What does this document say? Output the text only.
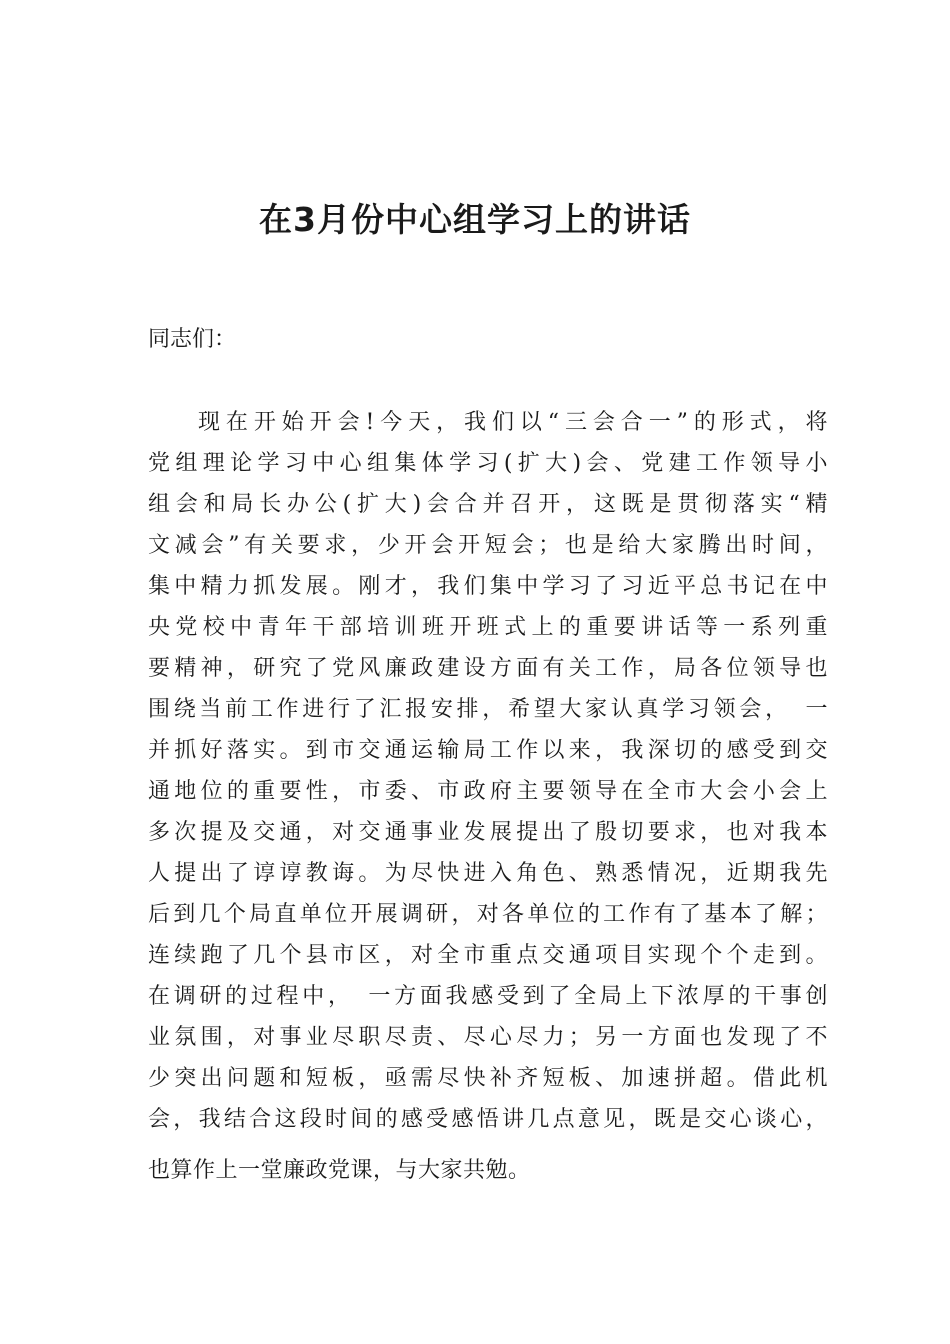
在3月份中心组学习上的讲话

同志们：

现在开始开会!今天，我们以“三会合一”的形式，将
党组理论学习中心组集体学习(扩大)会、党建工作领导小
组会和局长办公(扩大)会合并召开，这既是贯彻落实“精
文减会”有关要求，少开会开短会；也是给大家腾出时间，
集中精力抓发展。刚才，我们集中学习了习近平总书记在中
央党校中青年干部培训班开班式上的重要讲话等一系列重
要精神，研究了党风廉政建设方面有关工作，局各位领导也
围绕当前工作进行了汇报安排，希望大家认真学习领会，　一
并抓好落实。到市交通运输局工作以来，我深切的感受到交
通地位的重要性，市委、市政府主要领导在全市大会小会上
多次提及交通，对交通事业发展提出了殷切要求，也对我本
人提出了谆谆教诲。为尽快进入角色、熟悉情况，近期我先
后到几个局直单位开展调研，对各单位的工作有了基本了解；
连续跑了几个县市区，对全市重点交通项目实现个个走到。
在调研的过程中，　一方面我感受到了全局上下浓厚的干事创
业氛围，对事业尽职尽责、尽心尽力；另一方面也发现了不
少突出问题和短板，亟需尽快补齐短板、加速拼超。借此机
会，我结合这段时间的感受感悟讲几点意见，既是交心谈心，
也算作上一堂廉政党课，与大家共勉。
